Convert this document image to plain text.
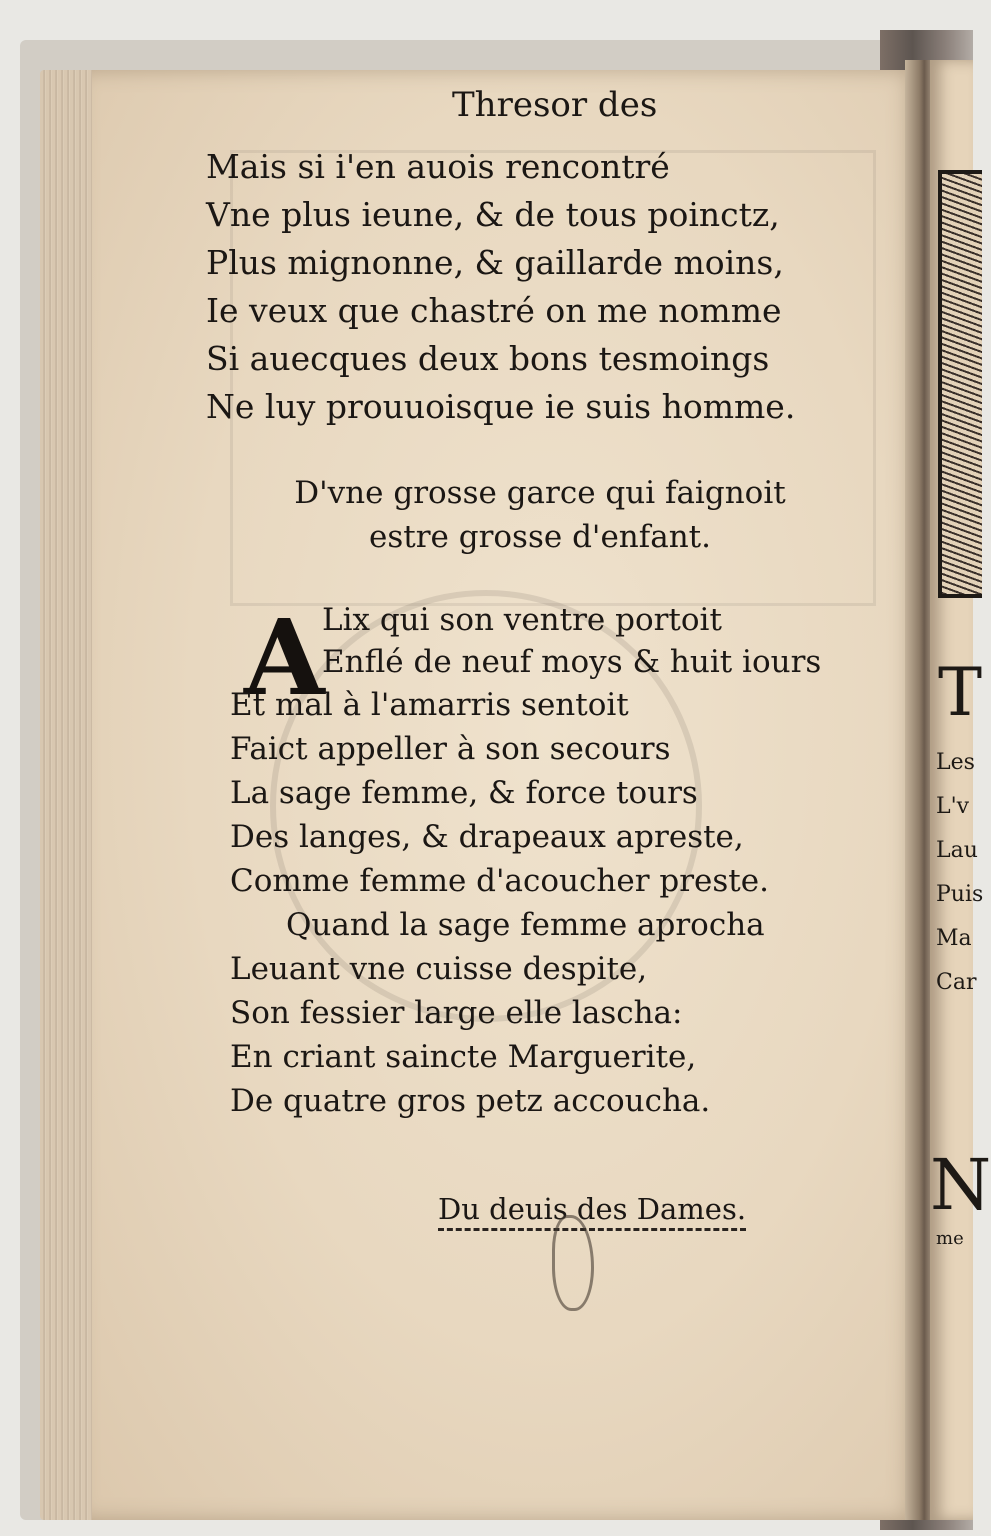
Thresor des
Mais si i'en auois rencontré
Vne plus ieune, & de tous poinctz,
Plus mignonne, & gaillarde moins,
Ie veux que chastré on me nomme
Si auecques deux bons tesmoings
Ne luy prouuoisque ie suis homme.
D'vne grosse garce qui faignoit
estre grosse d'enfant.
A
Lix qui son ventre portoit
Enflé de neuf moys & huit iours
Et mal à l'amarris sentoit
Faict appeller à son secours
La sage femme, & force tours
Des langes, & drapeaux apreste,
Comme femme d'acoucher preste.
Quand la sage femme aprocha
Leuant vne cuisse despite,
Son fessier large elle lascha:
En criant saincte Marguerite,
De quatre gros petz accoucha.
Du deuis des Dames.
T
Les
L'v
Lau
Puis
Ma
Car
N
me
